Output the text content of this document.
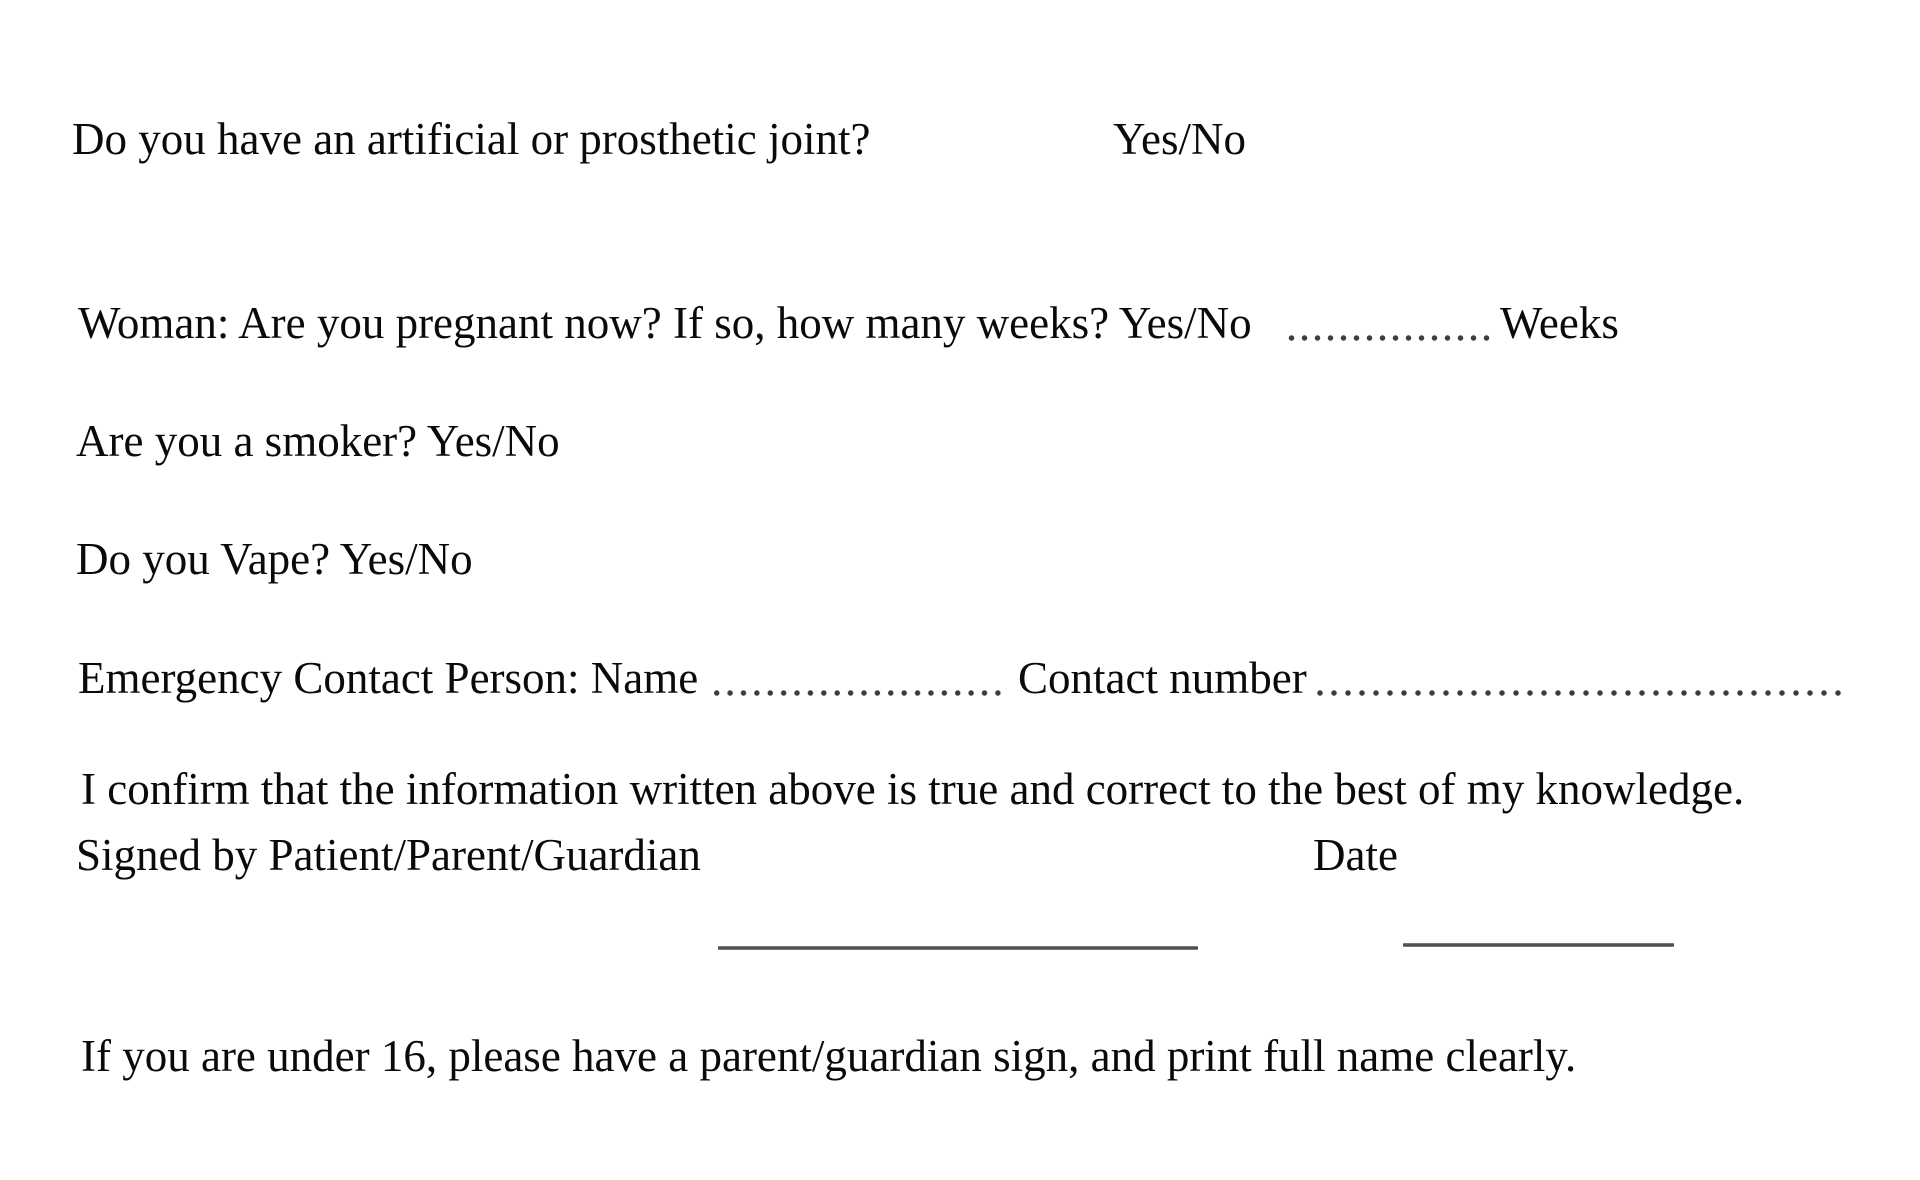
Do you have an artificial or prosthetic joint?	Yes/No
Woman: Are you pregnant now? If so, how many weeks? Yes/No	Weeks
Are you a smoker? Yes/No
Do you Vape? Yes/No
Emergency Contact Person: Name	Contact number
I confirm that the information written above is true and correct to the best of my knowledge.
Signed by Patient/Parent/Guardian	Date
If you are under 16, please have a parent/guardian sign, and print full name clearly.
